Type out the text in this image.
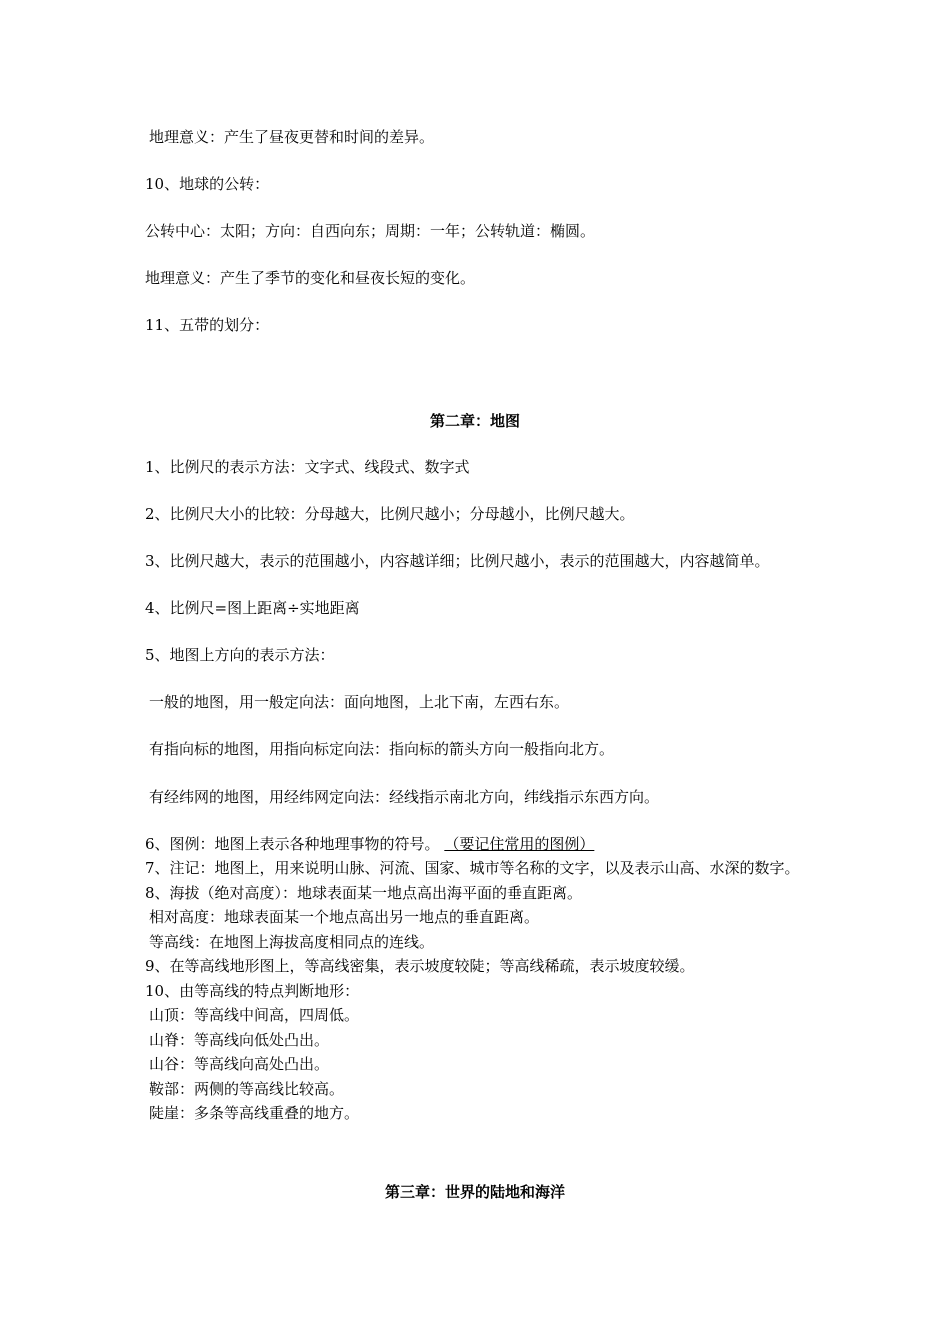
地理意义：产生了昼夜更替和时间的差异。
10、地球的公转：
公转中心：太阳；方向：自西向东；周期：一年；公转轨道：椭圆。
地理意义：产生了季节的变化和昼夜长短的变化。
11、五带的划分：
第二章：地图
1、比例尺的表示方法：文字式、线段式、数字式
2、比例尺大小的比较：分母越大，比例尺越小；分母越小，比例尺越大。
3、比例尺越大，表示的范围越小，内容越详细；比例尺越小，表示的范围越大，内容越简单。
4、比例尺=图上距离÷实地距离
5、地图上方向的表示方法：
一般的地图，用一般定向法：面向地图，上北下南，左西右东。
有指向标的地图，用指向标定向法：指向标的箭头方向一般指向北方。
有经纬网的地图，用经纬网定向法：经线指示南北方向，纬线指示东西方向。
6、图例：地图上表示各种地理事物的符号。 （要记住常用的图例）
7、注记：地图上，用来说明山脉、河流、国家、城市等名称的文字，以及表示山高、水深的数字。
8、海拔（绝对高度）：地球表面某一地点高出海平面的垂直距离。
相对高度：地球表面某一个地点高出另一地点的垂直距离。
等高线：在地图上海拔高度相同点的连线。
9、在等高线地形图上，等高线密集，表示坡度较陡；等高线稀疏，表示坡度较缓。
10、由等高线的特点判断地形：
山顶：等高线中间高，四周低。
山脊：等高线向低处凸出。
山谷：等高线向高处凸出。
鞍部：两侧的等高线比较高。
陡崖：多条等高线重叠的地方。
第三章：世界的陆地和海洋
